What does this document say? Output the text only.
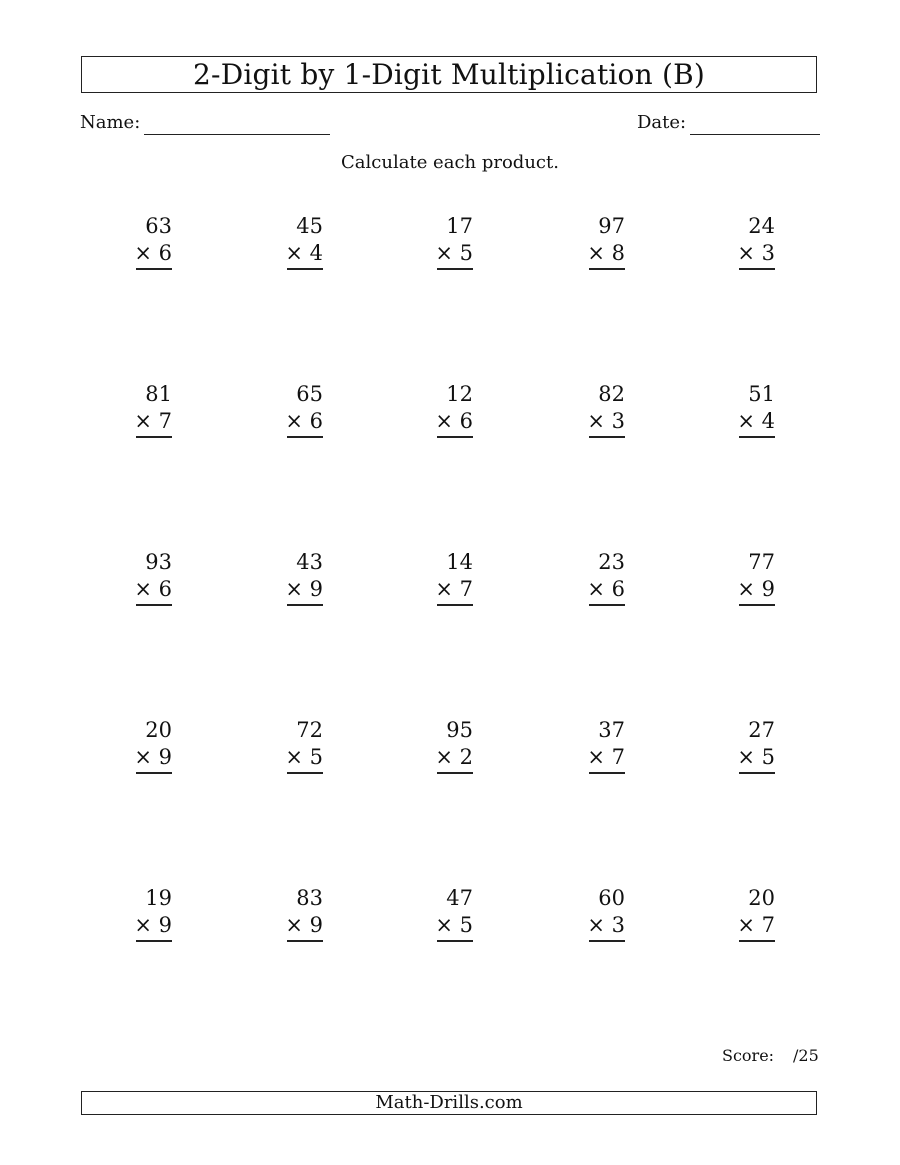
2-Digit by 1-Digit Multiplication (B)
Name:	Date:
Calculate each product.
63
× 6
45
× 4
17
× 5
97
× 8
24
× 3
81
× 7
65
× 6
12
× 6
82
× 3
51
× 4
93
× 6
43
× 9
14
× 7
23
× 6
77
× 9
20
× 9
72
× 5
95
× 2
37
× 7
27
× 5
19
× 9
83
× 9
47
× 5
60
× 3
20
× 7
Score: /25
Math-Drills.com
